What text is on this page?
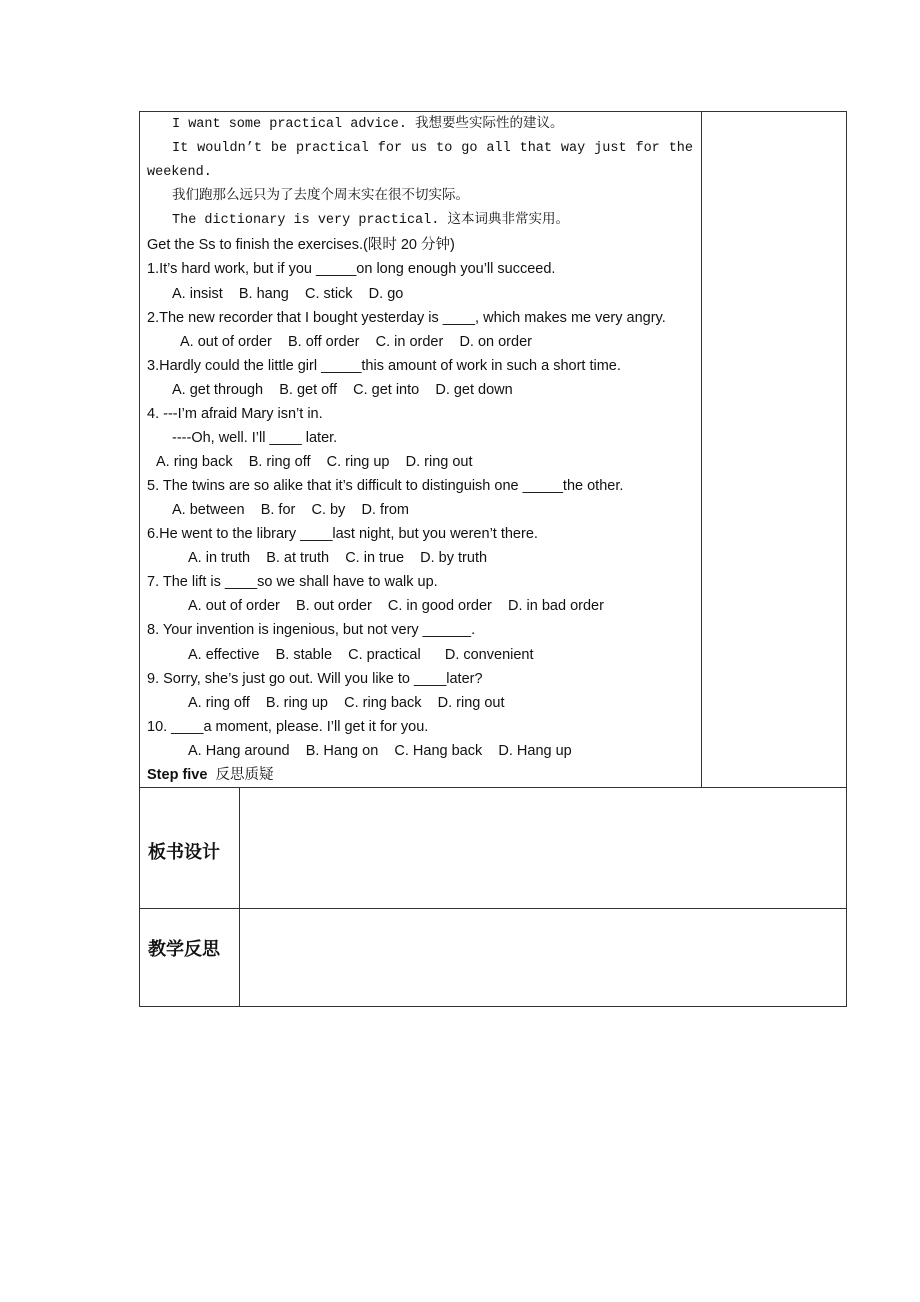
I want some practical advice. 我想要些实际性的建议。
It wouldn’t be practical for us to go all that way just for the
weekend.
我们跑那么远只为了去度个周末实在很不切实际。
The dictionary is very practical. 这本词典非常实用。
Get the Ss to finish the exercises.(限时 20 分钟)
1.It’s hard work, but if you _____on long enough you’ll succeed.
A. insist B. hang C. stick D. go
2.The new recorder that I bought yesterday is ____, which makes me very angry.
A. out of order B. off order C. in order D. on order
3.Hardly could the little girl _____this amount of work in such a short time.
A. get through B. get off C. get into D. get down
4. ---I’m afraid Mary isn’t in.
----Oh, well. I’ll ____ later.
A. ring back B. ring off C. ring up D. ring out
5. The twins are so alike that it’s difficult to distinguish one _____the other.
A. between B. for C. by D. from
6.He went to the library ____last night, but you weren’t there.
A. in truth B. at truth C. in true D. by truth
7. The lift is ____so we shall have to walk up.
A. out of order B. out order C. in good order D. in bad order
8. Your invention is ingenious, but not very ______.
A. effective B. stable C. practical D. convenient
9. Sorry, she’s just go out. Will you like to ____later?
A. ring off B. ring up C. ring back D. ring out
10. ____a moment, please. I’ll get it for you.
A. Hang around B. Hang on C. Hang back D. Hang up
Step five 反思质疑
板书设计
教学反思
